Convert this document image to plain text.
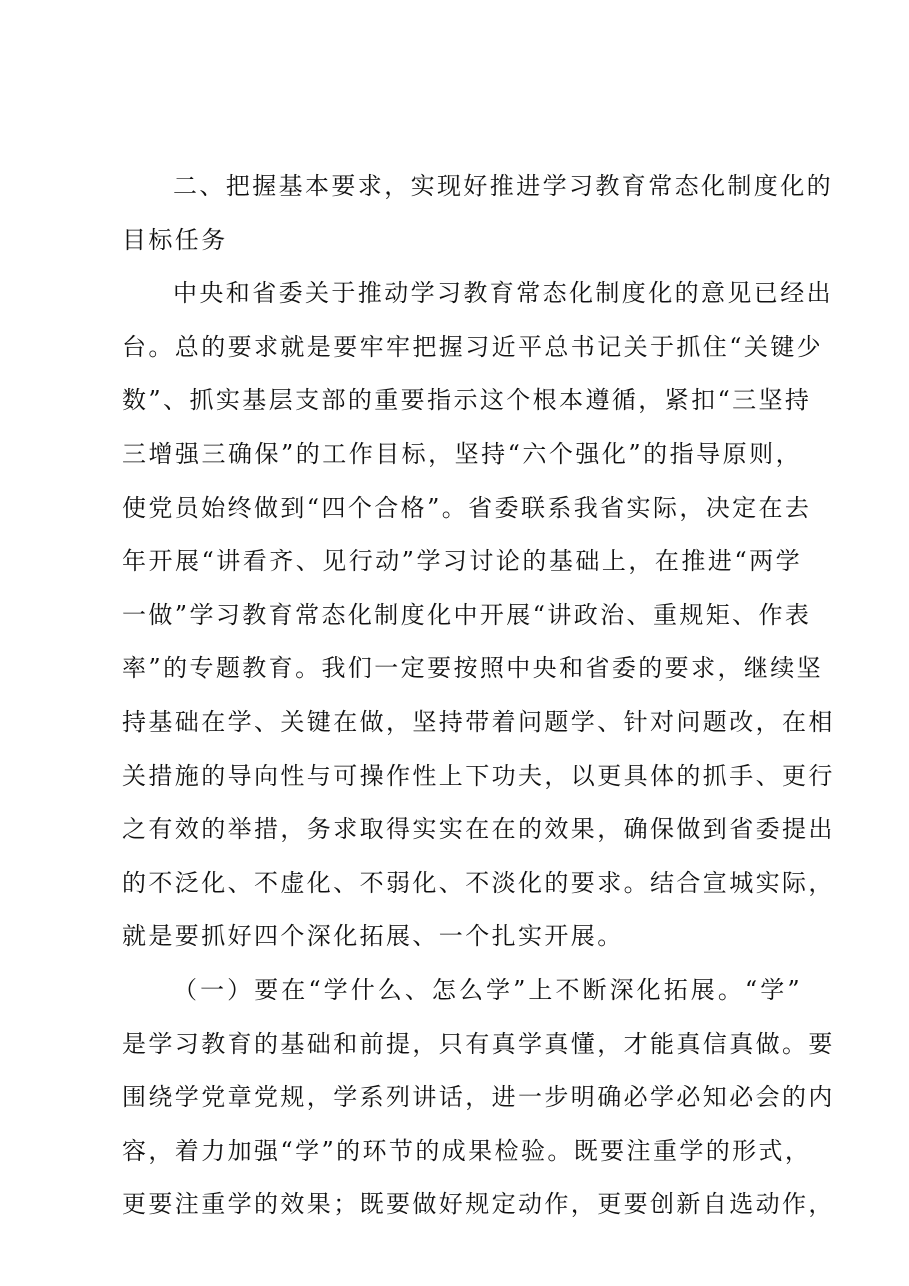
二、把握基本要求，实现好推进学习教育常态化制度化的
目标任务
中央和省委关于推动学习教育常态化制度化的意见已经出
台。总的要求就是要牢牢把握习近平总书记关于抓住“关键少
数”、抓实基层支部的重要指示这个根本遵循，紧扣“三坚持
三增强三确保”的工作目标，坚持“六个强化”的指导原则，
使党员始终做到“四个合格”。省委联系我省实际，决定在去
年开展“讲看齐、见行动”学习讨论的基础上，在推进“两学
一做”学习教育常态化制度化中开展“讲政治、重规矩、作表
率”的专题教育。我们一定要按照中央和省委的要求，继续坚
持基础在学、关键在做，坚持带着问题学、针对问题改，在相
关措施的导向性与可操作性上下功夫，以更具体的抓手、更行
之有效的举措，务求取得实实在在的效果，确保做到省委提出
的不泛化、不虚化、不弱化、不淡化的要求。结合宣城实际，
就是要抓好四个深化拓展、一个扎实开展。
（一）要在“学什么、怎么学”上不断深化拓展。“学”
是学习教育的基础和前提，只有真学真懂，才能真信真做。要
围绕学党章党规，学系列讲话，进一步明确必学必知必会的内
容，着力加强“学”的环节的成果检验。既要注重学的形式，
更要注重学的效果；既要做好规定动作，更要创新自选动作，
